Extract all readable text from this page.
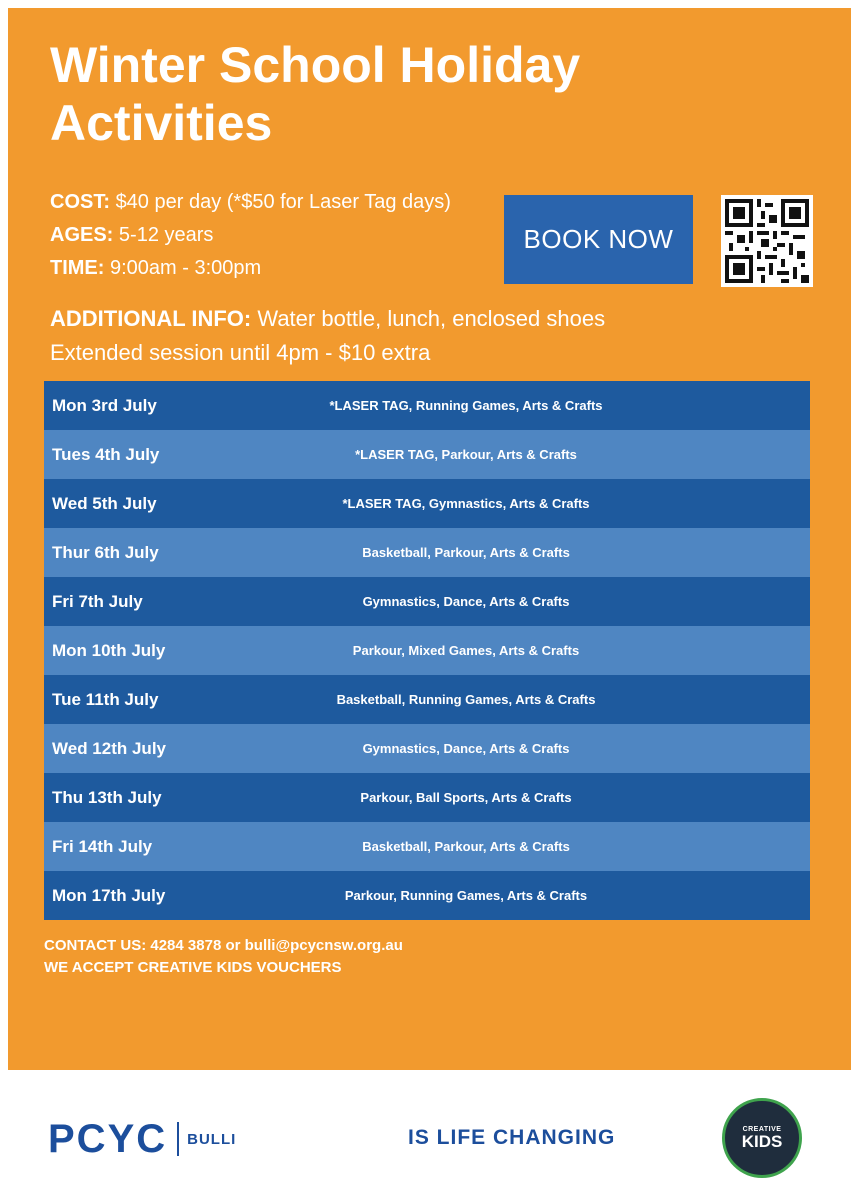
Winter School Holiday Activities
COST: $40 per day (*$50 for Laser Tag days)
AGES: 5-12 years
TIME: 9:00am - 3:00pm
ADDITIONAL INFO: Water bottle, lunch, enclosed shoes
Extended session until 4pm - $10 extra
BOOK NOW
Mon 3rd July	*LASER TAG, Running Games, Arts & Crafts
Tues 4th July	*LASER TAG, Parkour, Arts & Crafts
Wed 5th July	*LASER TAG, Gymnastics, Arts & Crafts
Thur 6th July	Basketball, Parkour, Arts & Crafts
Fri 7th July	Gymnastics, Dance, Arts & Crafts
Mon 10th July	Parkour, Mixed Games, Arts & Crafts
Tue 11th July	Basketball, Running Games, Arts & Crafts
Wed 12th July	Gymnastics, Dance, Arts & Crafts
Thu 13th July	Parkour, Ball Sports, Arts & Crafts
Fri 14th July	Basketball, Parkour, Arts & Crafts
Mon 17th July	Parkour, Running Games, Arts & Crafts
CONTACT US: 4284 3878 or bulli@pcycnsw.org.au
WE ACCEPT CREATIVE KIDS VOUCHERS
PCYC BULLI	IS LIFE CHANGING	CREATIVE
KIDS
